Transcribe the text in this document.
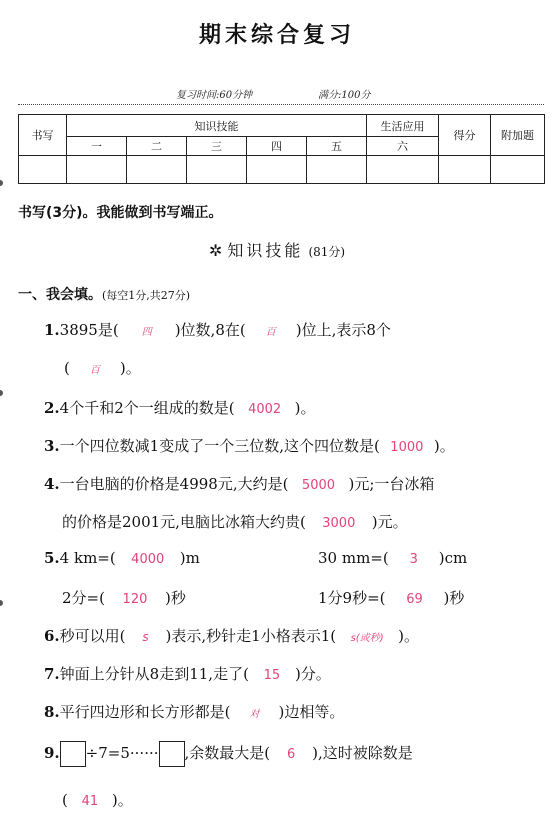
期末综合复习
复习时间:60分钟	满分:100分
书写	知识技能					生活应用	得分	附加题
	一	二	三	四	五	六		

书写(3分)。我能做到书写端正。
✲ 知识技能 (81分)
一、我会填。(每空1分,共27分)
1.3895是( 四 )位数,8在( 百 )位上,表示8个
( 百 )。
2.4个千和2个一组成的数是( 4002 )。
3.一个四位数减1变成了一个三位数,这个四位数是( 1000 )。
4.一台电脑的价格是4998元,大约是( 5000 )元;一台冰箱
的价格是2001元,电脑比冰箱大约贵( 3000 )元。
5.4 km=( 4000 )m	30 mm=( 3 )cm
2分=( 120 )秒	1分9秒=( 69 )秒
6.秒可以用( s )表示,秒针走1小格表示1( s(或秒) )。
7.钟面上分针从8走到11,走了( 15 )分。
8.平行四边形和长方形都是( 对 )边相等。
9. ÷7=5······ ,余数最大是( 6 ),这时被除数是
( 41 )。
